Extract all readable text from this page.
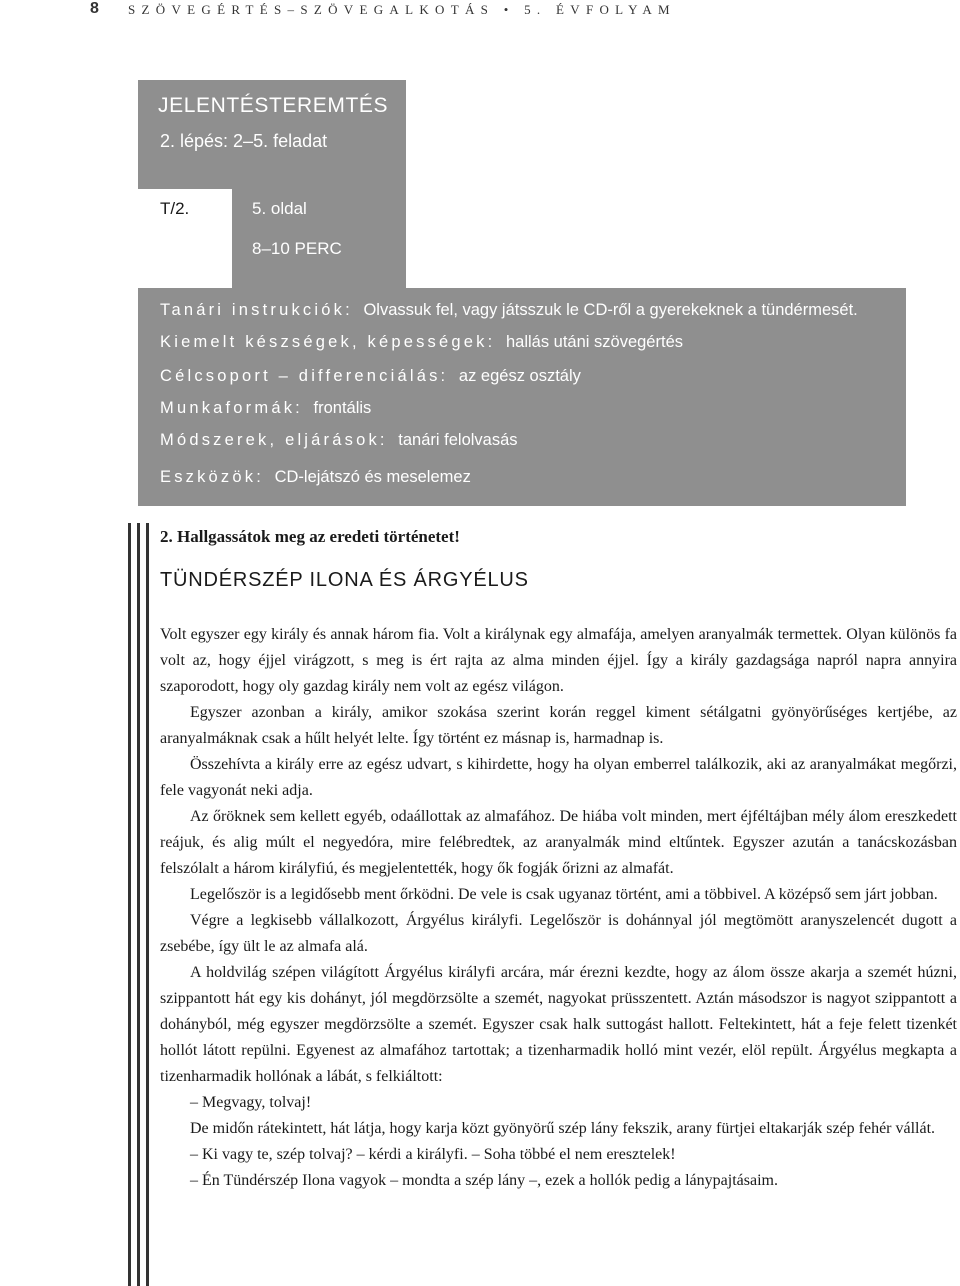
8 SZÖVEGÉRTÉS–SZÖVEGALKOTÁS • 5. ÉVFOLYAM
JELENTÉSTEREMTÉS
2. lépés: 2–5. feladat
T/2.	5. oldal
8–10 PERC
Tanári instrukciók: Olvassuk fel, vagy játsszuk le CD-ről a gyerekeknek a tündérmesét.
Kiemelt készségek, képességek: hallás utáni szövegértés
Célcsoport – differenciálás: az egész osztály
Munkaformák: frontális
Módszerek, eljárások: tanári felolvasás
Eszközök: CD-lejátszó és meselemez
2. Hallgassátok meg az eredeti történetet!
TÜNDÉRSZÉP ILONA ÉS ÁRGYÉLUS

Volt egyszer egy király és annak három fia. Volt a királynak egy almafája, amelyen aranyalmák termettek. Olyan különös fa volt az, hogy éjjel virágzott, s meg is ért rajta az alma minden éjjel. Így a király gazdagsága napról napra annyira szaporodott, hogy oly gazdag király nem volt az egész világon.

Egyszer azonban a király, amikor szokása szerint korán reggel kiment sétálgatni gyönyörűséges kertjébe, az aranyalmáknak csak a hűlt helyét lelte. Így történt ez másnap is, harmadnap is.

Összehívta a király erre az egész udvart, s kihirdette, hogy ha olyan emberrel találkozik, aki az aranyalmákat megőrzi, fele vagyonát neki adja.

Az őröknek sem kellett egyéb, odaállottak az almafához. De hiába volt minden, mert éjféltájban mély álom ereszkedett reájuk, és alig múlt el negyedóra, mire felébredtek, az aranyalmák mind eltűntek. Egyszer azután a tanácskozásban felszólalt a három királyfiú, és megjelentették, hogy ők fogják őrizni az almafát.

Legelőször is a legidősebb ment őrködni. De vele is csak ugyanaz történt, ami a többivel. A középső sem járt jobban.

Végre a legkisebb vállalkozott, Árgyélus királyfi. Legelőször is dohánnyal jól megtömött aranyszelencét dugott a zsebébe, így ült le az almafa alá.

A holdvilág szépen világított Árgyélus királyfi arcára, már érezni kezdte, hogy az álom össze akarja a szemét húzni, szippantott hát egy kis dohányt, jól megdörzsölte a szemét, nagyokat prüsszentett. Aztán másodszor is nagyot szippantott a dohányból, még egyszer megdörzsölte a szemét. Egyszer csak halk suttogást hallott. Feltekintett, hát a feje felett tizenkét hollót látott repülni. Egyenest az almafához tartottak; a tizenharmadik holló mint vezér, elöl repült. Árgyélus megkapta a tizenharmadik hollónak a lábát, s felkiáltott:

– Megvagy, tolvaj!

De midőn rátekintett, hát látja, hogy karja közt gyönyörű szép lány fekszik, arany fürtjei eltakarják szép fehér vállát.

– Ki vagy te, szép tolvaj? – kérdi a királyfi. – Soha többé el nem eresztelek!

– Én Tündérszép Ilona vagyok – mondta a szép lány –, ezek a hollók pedig a lánypajtásaim.
